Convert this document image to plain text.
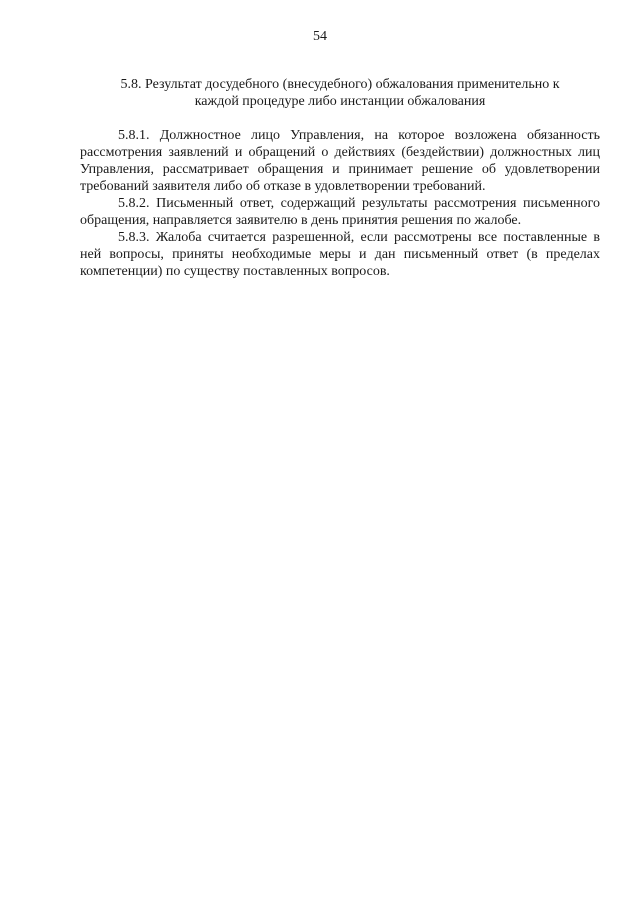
54
5.8. Результат досудебного (внесудебного) обжалования применительно к
каждой процедуре либо инстанции обжалования

5.8.1. Должностное лицо Управления, на которое возложена обязанность рассмотрения заявлений и обращений о действиях (бездействии) должностных лиц Управления, рассматривает обращения и принимает решение об удовлетворении требований заявителя либо об отказе в удовлетворении требований.

5.8.2. Письменный ответ, содержащий результаты рассмотрения письменного обращения, направляется заявителю в день принятия решения по жалобе.

5.8.3. Жалоба считается разрешенной, если рассмотрены все поставленные в ней вопросы, приняты необходимые меры и дан письменный ответ (в пределах компетенции) по существу поставленных вопросов.
